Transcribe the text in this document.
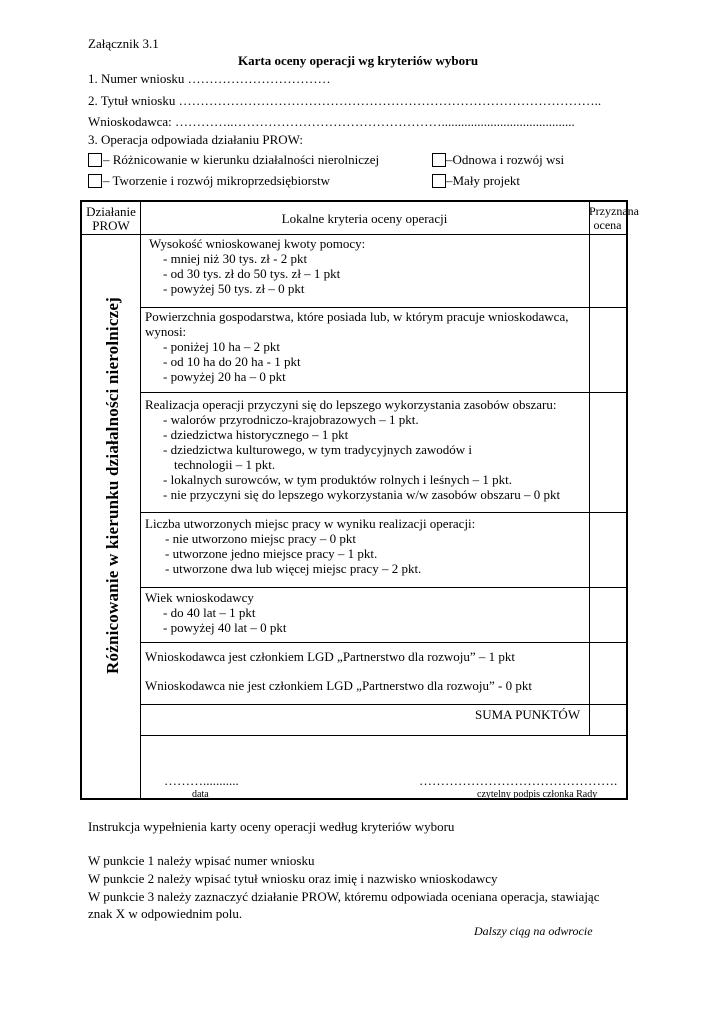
Załącznik 3.1
Karta oceny operacji wg kryteriów wyboru
1. Numer wniosku ……………………………
2. Tytuł wniosku ……………………………………………………………………………………..
Wnioskodawca: …………..………………………………………….........................................
3. Operacja odpowiada działaniu PROW:
– Różnicowanie w kierunku działalności nierolniczej	–Odnowa i rozwój wsi
– Tworzenie i rozwój mikroprzedsiębiorstw	–Mały projekt
Działanie
PROW	Lokalne kryteria oceny operacji	Przyznana
ocena
Różnicowanie w kierunku działalności nierolniczej
Wysokość wnioskowanej kwoty pomocy:
- mniej niż 30 tys. zł - 2 pkt
- od 30 tys. zł do 50 tys. zł – 1 pkt
- powyżej 50 tys. zł – 0 pkt
Powierzchnia gospodarstwa, które posiada lub, w którym pracuje wnioskodawca,
wynosi:
- poniżej 10 ha – 2 pkt
- od 10 ha do 20 ha - 1 pkt
- powyżej 20 ha – 0 pkt
Realizacja operacji przyczyni się do lepszego wykorzystania zasobów obszaru:
- walorów przyrodniczo-krajobrazowych – 1 pkt.
- dziedzictwa historycznego – 1 pkt
- dziedzictwa kulturowego, w tym tradycyjnych zawodów i
technologii – 1 pkt.
- lokalnych surowców, w tym produktów rolnych i leśnych – 1 pkt.
- nie przyczyni się do lepszego wykorzystania w/w zasobów obszaru – 0 pkt
Liczba utworzonych miejsc pracy w wyniku realizacji operacji:
- nie utworzono miejsc pracy – 0 pkt
- utworzone jedno miejsce pracy – 1 pkt.
- utworzone dwa lub więcej miejsc pracy – 2 pkt.
Wiek wnioskodawcy
- do 40 lat – 1 pkt
- powyżej 40 lat – 0 pkt
Wnioskodawca jest członkiem LGD „Partnerstwo dla rozwoju” – 1 pkt
Wnioskodawca nie jest członkiem LGD „Partnerstwo dla rozwoju” - 0 pkt
SUMA PUNKTÓW
………...........
data
……………………………………….
czytelny podpis członka Rady
Instrukcja wypełnienia karty oceny operacji według kryteriów wyboru
W punkcie 1 należy wpisać numer wniosku
W punkcie 2 należy wpisać tytuł wniosku oraz imię i nazwisko wnioskodawcy
W punkcie 3 należy zaznaczyć działanie PROW, któremu odpowiada oceniana operacja, stawiając
znak X w odpowiednim polu.
Dalszy ciąg na odwrocie
